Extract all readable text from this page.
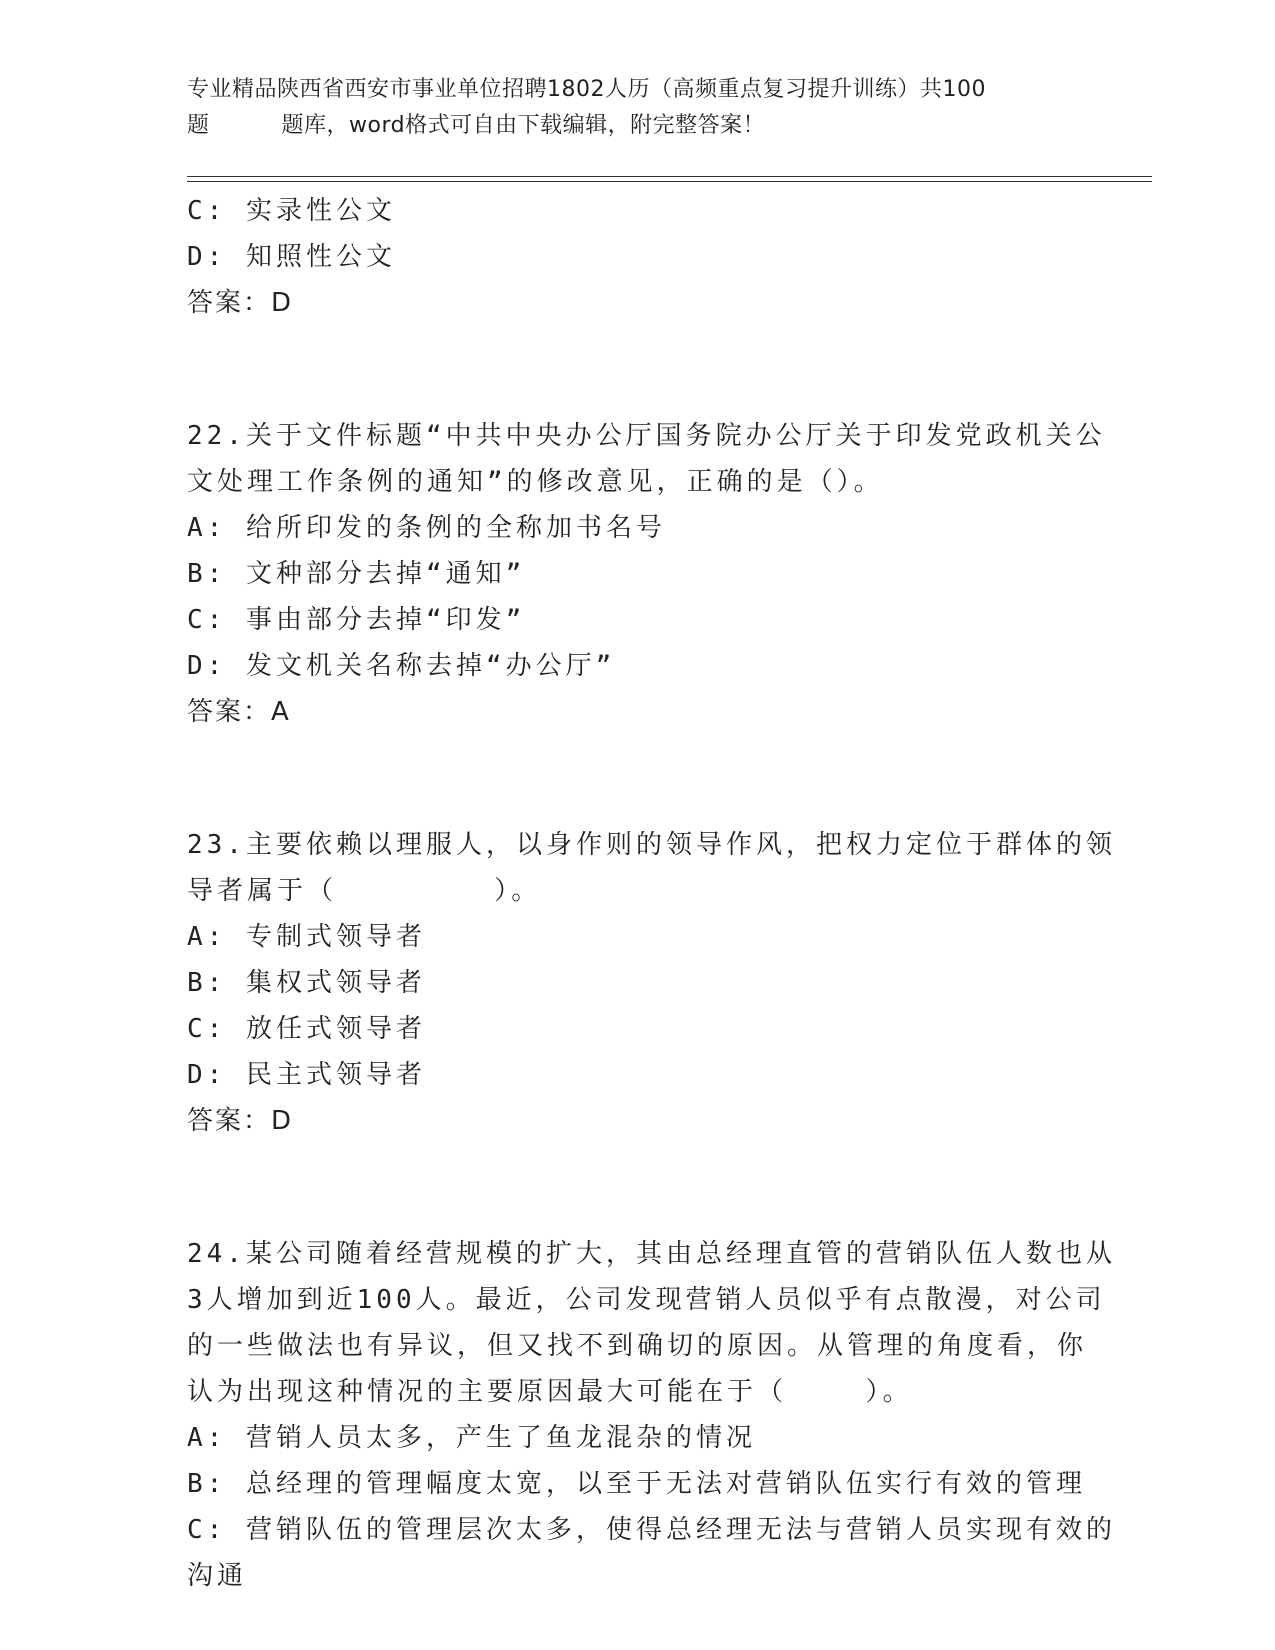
专业精品陕西省西安市事业单位招聘1802人历（高频重点复习提升训练）共100
题	题库，word格式可自由下载编辑，附完整答案！
C: 实录性公文
D: 知照性公文
答案：D
22.关于文件标题“中共中央办公厅国务院办公厅关于印发党政机关公
文处理工作条例的通知”的修改意见，正确的是（）。
A: 给所印发的条例的全称加书名号
B: 文种部分去掉“通知”
C: 事由部分去掉“印发”
D: 发文机关名称去掉“办公厅”
答案：A
23.主要依赖以理服人，以身作则的领导作风，把权力定位于群体的领
导者属于（        ）。
A: 专制式领导者
B: 集权式领导者
C: 放任式领导者
D: 民主式领导者
答案：D
24.某公司随着经营规模的扩大，其由总经理直管的营销队伍人数也从
3人增加到近100人。最近，公司发现营销人员似乎有点散漫，对公司
的一些做法也有异议，但又找不到确切的原因。从管理的角度看，你
认为出现这种情况的主要原因最大可能在于（    ）。
A: 营销人员太多，产生了鱼龙混杂的情况
B: 总经理的管理幅度太宽，以至于无法对营销队伍实行有效的管理
C: 营销队伍的管理层次太多，使得总经理无法与营销人员实现有效的
沟通
